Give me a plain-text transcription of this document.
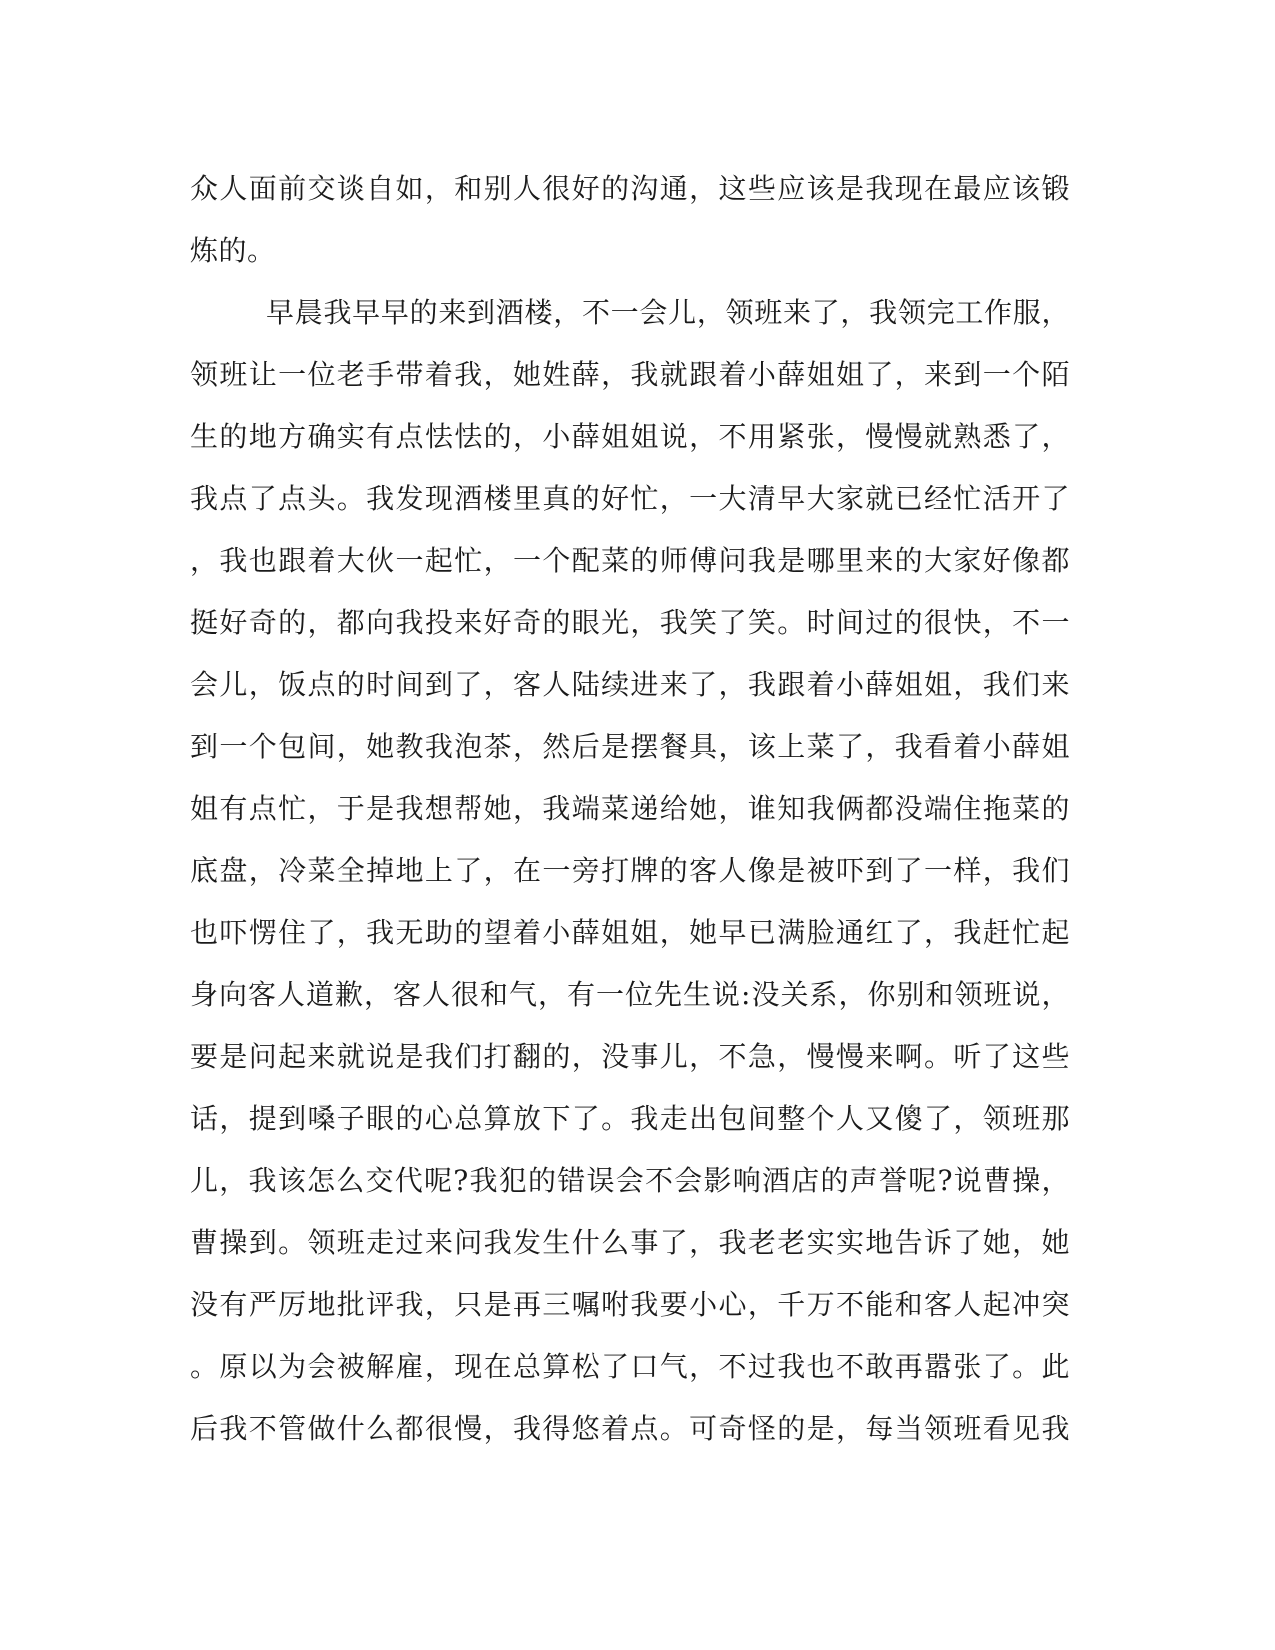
众人面前交谈自如，和别人很好的沟通，这些应该是我现在最应该锻
炼的。
早晨我早早的来到酒楼，不一会儿，领班来了，我领完工作服，
领班让一位老手带着我，她姓薛，我就跟着小薛姐姐了，来到一个陌
生的地方确实有点怯怯的，小薛姐姐说，不用紧张，慢慢就熟悉了，
我点了点头。我发现酒楼里真的好忙，一大清早大家就已经忙活开了
，我也跟着大伙一起忙，一个配菜的师傅问我是哪里来的大家好像都
挺好奇的，都向我投来好奇的眼光，我笑了笑。时间过的很快，不一
会儿，饭点的时间到了，客人陆续进来了，我跟着小薛姐姐，我们来
到一个包间，她教我泡茶，然后是摆餐具，该上菜了，我看着小薛姐
姐有点忙，于是我想帮她，我端菜递给她，谁知我俩都没端住拖菜的
底盘，冷菜全掉地上了，在一旁打牌的客人像是被吓到了一样，我们
也吓愣住了，我无助的望着小薛姐姐，她早已满脸通红了，我赶忙起
身向客人道歉，客人很和气，有一位先生说:没关系，你别和领班说，
要是问起来就说是我们打翻的，没事儿，不急，慢慢来啊。听了这些
话，提到嗓子眼的心总算放下了。我走出包间整个人又傻了，领班那
儿，我该怎么交代呢?我犯的错误会不会影响酒店的声誉呢?说曹操，
曹操到。领班走过来问我发生什么事了，我老老实实地告诉了她，她
没有严厉地批评我，只是再三嘱咐我要小心，千万不能和客人起冲突
。原以为会被解雇，现在总算松了口气，不过我也不敢再嚣张了。此
后我不管做什么都很慢，我得悠着点。可奇怪的是，每当领班看见我
